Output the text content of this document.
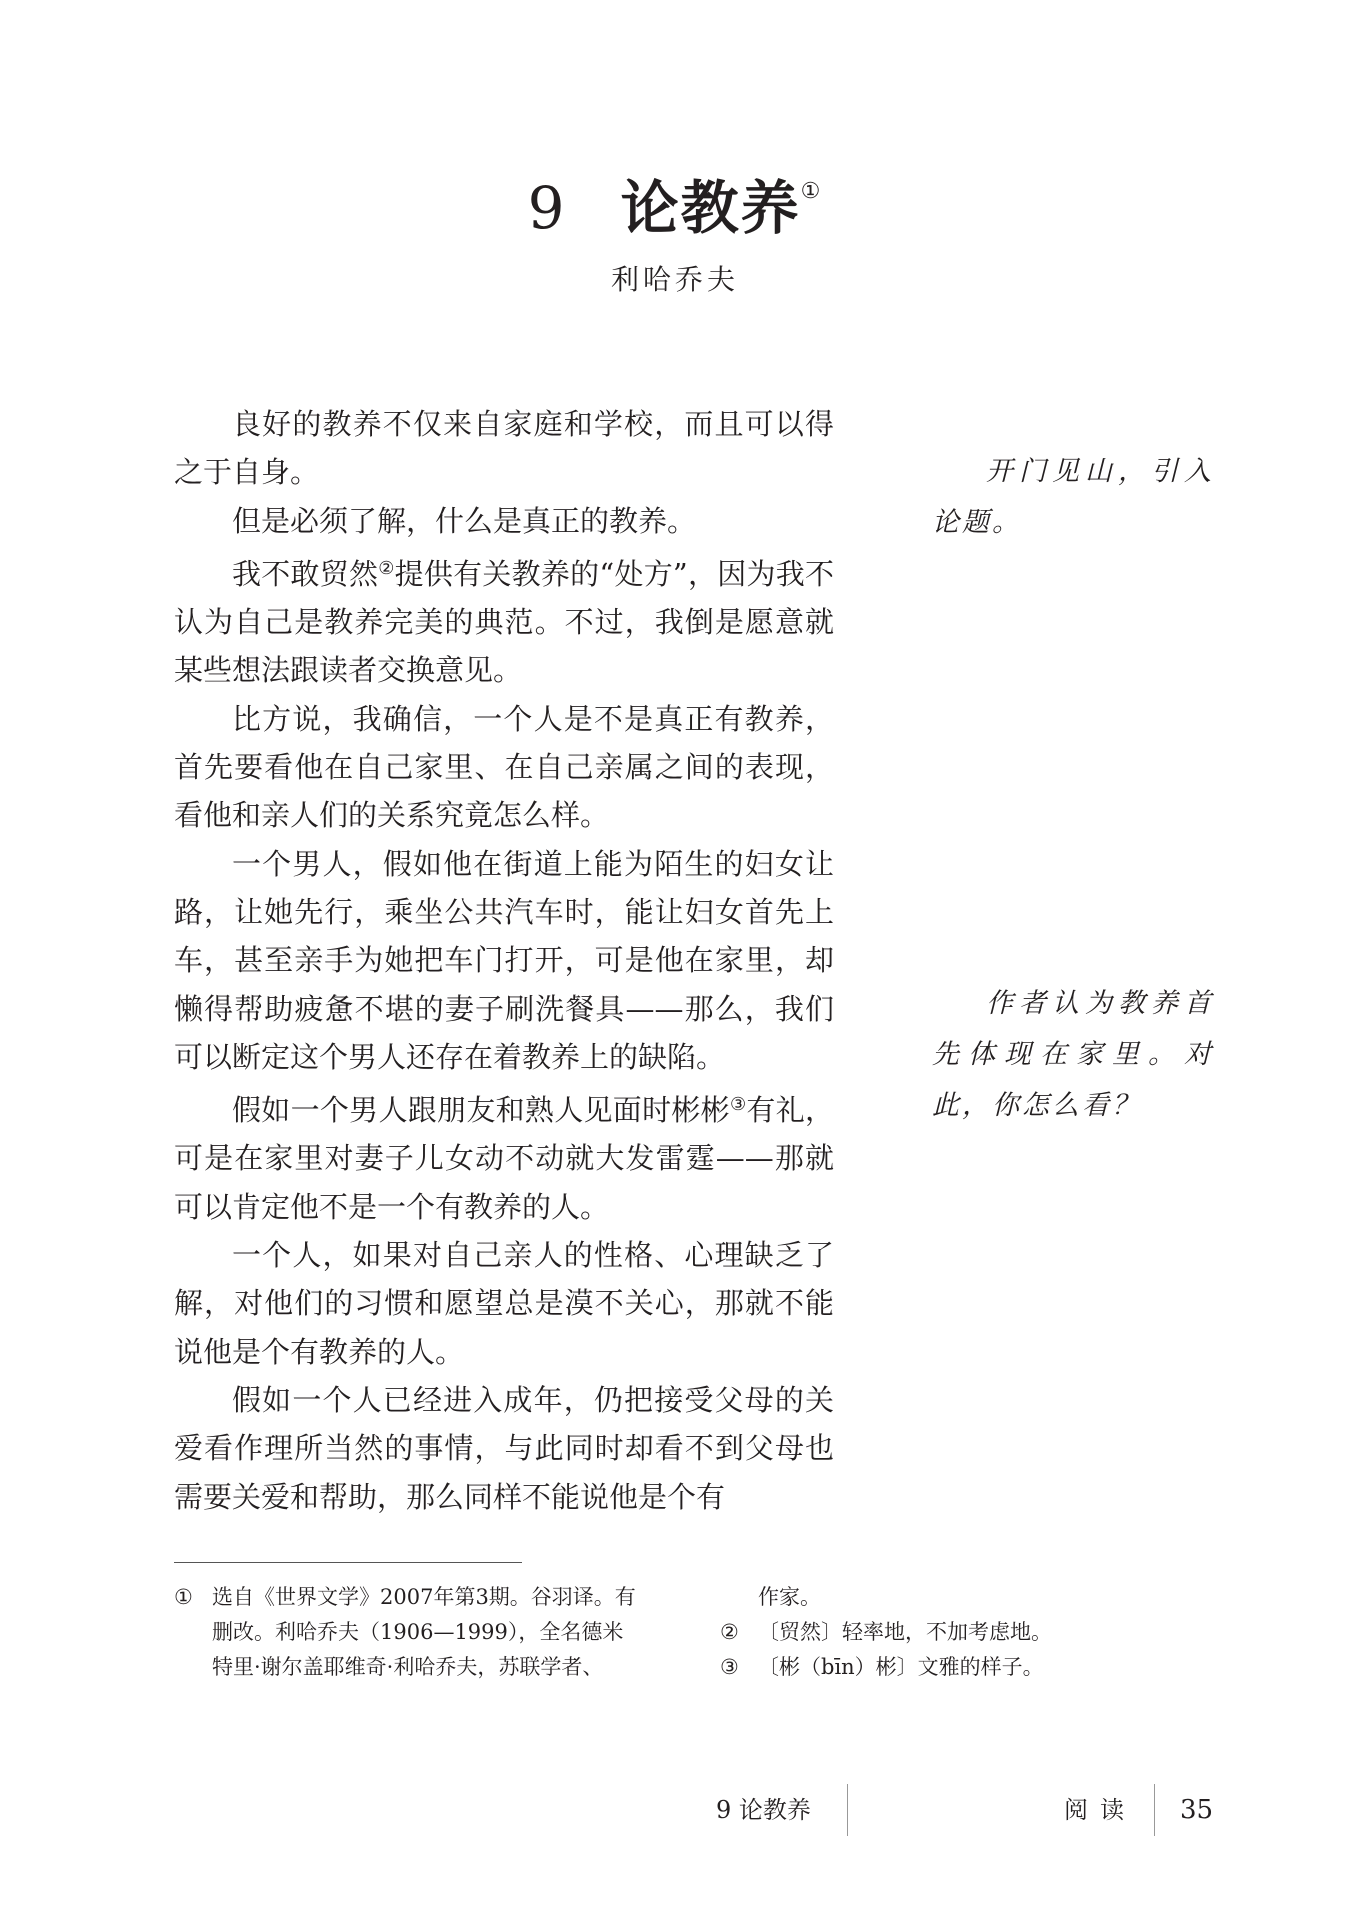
9 论教养①
利哈乔夫

良好的教养不仅来自家庭和学校，而且可以得之于自身。

但是必须了解，什么是真正的教养。

我不敢贸然②提供有关教养的“处方”，因为我不认为自己是教养完美的典范。不过，我倒是愿意就某些想法跟读者交换意见。

比方说，我确信，一个人是不是真正有教养，首先要看他在自己家里、在自己亲属之间的表现，看他和亲人们的关系究竟怎么样。

一个男人，假如他在街道上能为陌生的妇女让路，让她先行，乘坐公共汽车时，能让妇女首先上车，甚至亲手为她把车门打开，可是他在家里，却懒得帮助疲惫不堪的妻子刷洗餐具——那么，我们可以断定这个男人还存在着教养上的缺陷。

假如一个男人跟朋友和熟人见面时彬彬③有礼，可是在家里对妻子儿女动不动就大发雷霆——那就可以肯定他不是一个有教养的人。

一个人，如果对自己亲人的性格、心理缺乏了解，对他们的习惯和愿望总是漠不关心，那就不能说他是个有教养的人。

假如一个人已经进入成年，仍把接受父母的关爱看作理所当然的事情，与此同时却看不到父母也需要关爱和帮助，那么同样不能说他是个有

开门见山，引入论题。

作者认为教养首先体现在家里。对此，你怎么看？

① 选自《世界文学》2007年第3期。谷羽译。有
删改。利哈乔夫（1906—1999），全名德米
特里·谢尔盖耶维奇·利哈乔夫，苏联学者、
作家。
② 〔贸然〕轻率地，不加考虑地。
③ 〔彬（bīn）彬〕文雅的样子。
9 论教养	阅读 35
